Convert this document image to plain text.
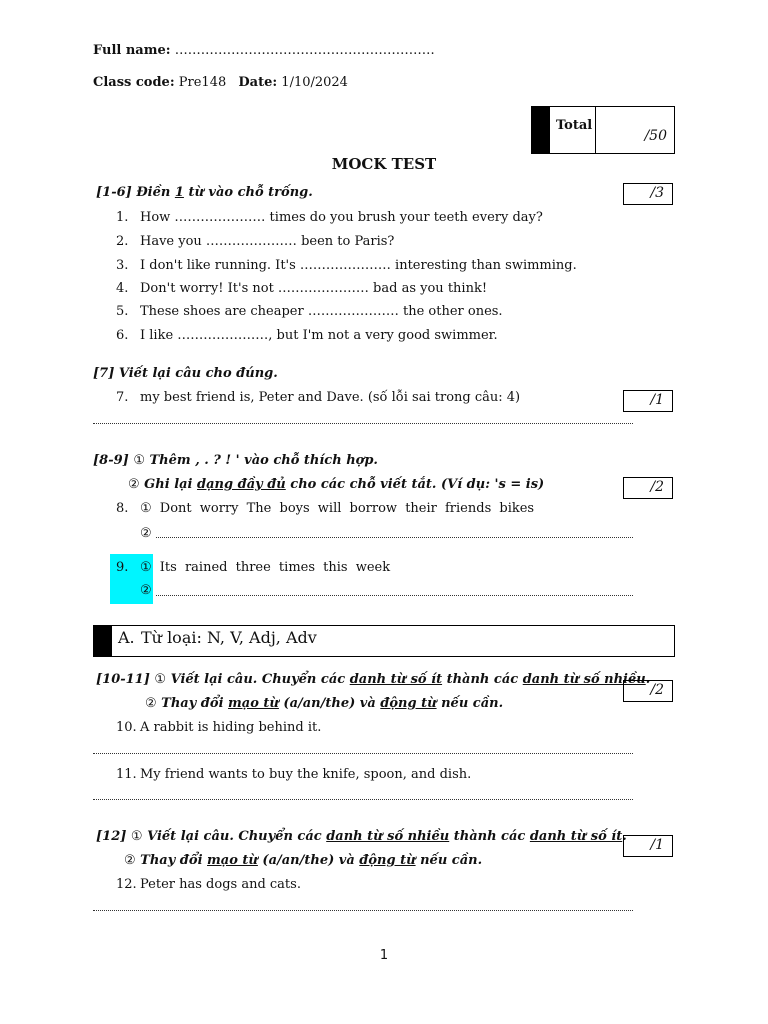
Full name: ……………………………………………………
Class code: Pre148 Date: 1/10/2024
Total
/50
MOCK TEST
[1-6] Điền 1 từ vào chỗ trống.	/3
1. How ………………… times do you brush your teeth every day?
2. Have you ………………… been to Paris?
3. I don't like running. It's ………………… interesting than swimming.
4. Don't worry! It's not ………………… bad as you think!
5. These shoes are cheaper ………………… the other ones.
6. I like …………………, but I'm not a very good swimmer.
[7] Viết lại câu cho đúng.
7. my best friend is, Peter and Dave. (số lỗi sai trong câu: 4)	/1
[8-9] ① Thêm , . ? ! ' vào chỗ thích hợp.
② Ghi lại dạng đầy đủ cho các chỗ viết tắt. (Ví dụ: 's = is)	/2
8. ① Dont worry The boys will borrow their friends bikes
②
9. ① Its rained three times this week
②
A. Từ loại: N, V, Adj, Adv
[10-11] ① Viết lại câu. Chuyển các danh từ số ít thành các danh từ số nhiều.
② Thay đổi mạo từ (a/an/the) và động từ nếu cần.
/2
10. A rabbit is hiding behind it.
11. My friend wants to buy the knife, spoon, and dish.
[12] ① Viết lại câu. Chuyển các danh từ số nhiều thành các danh từ số ít.
② Thay đổi mạo từ (a/an/the) và động từ nếu cần.
/1
12. Peter has dogs and cats.
1
